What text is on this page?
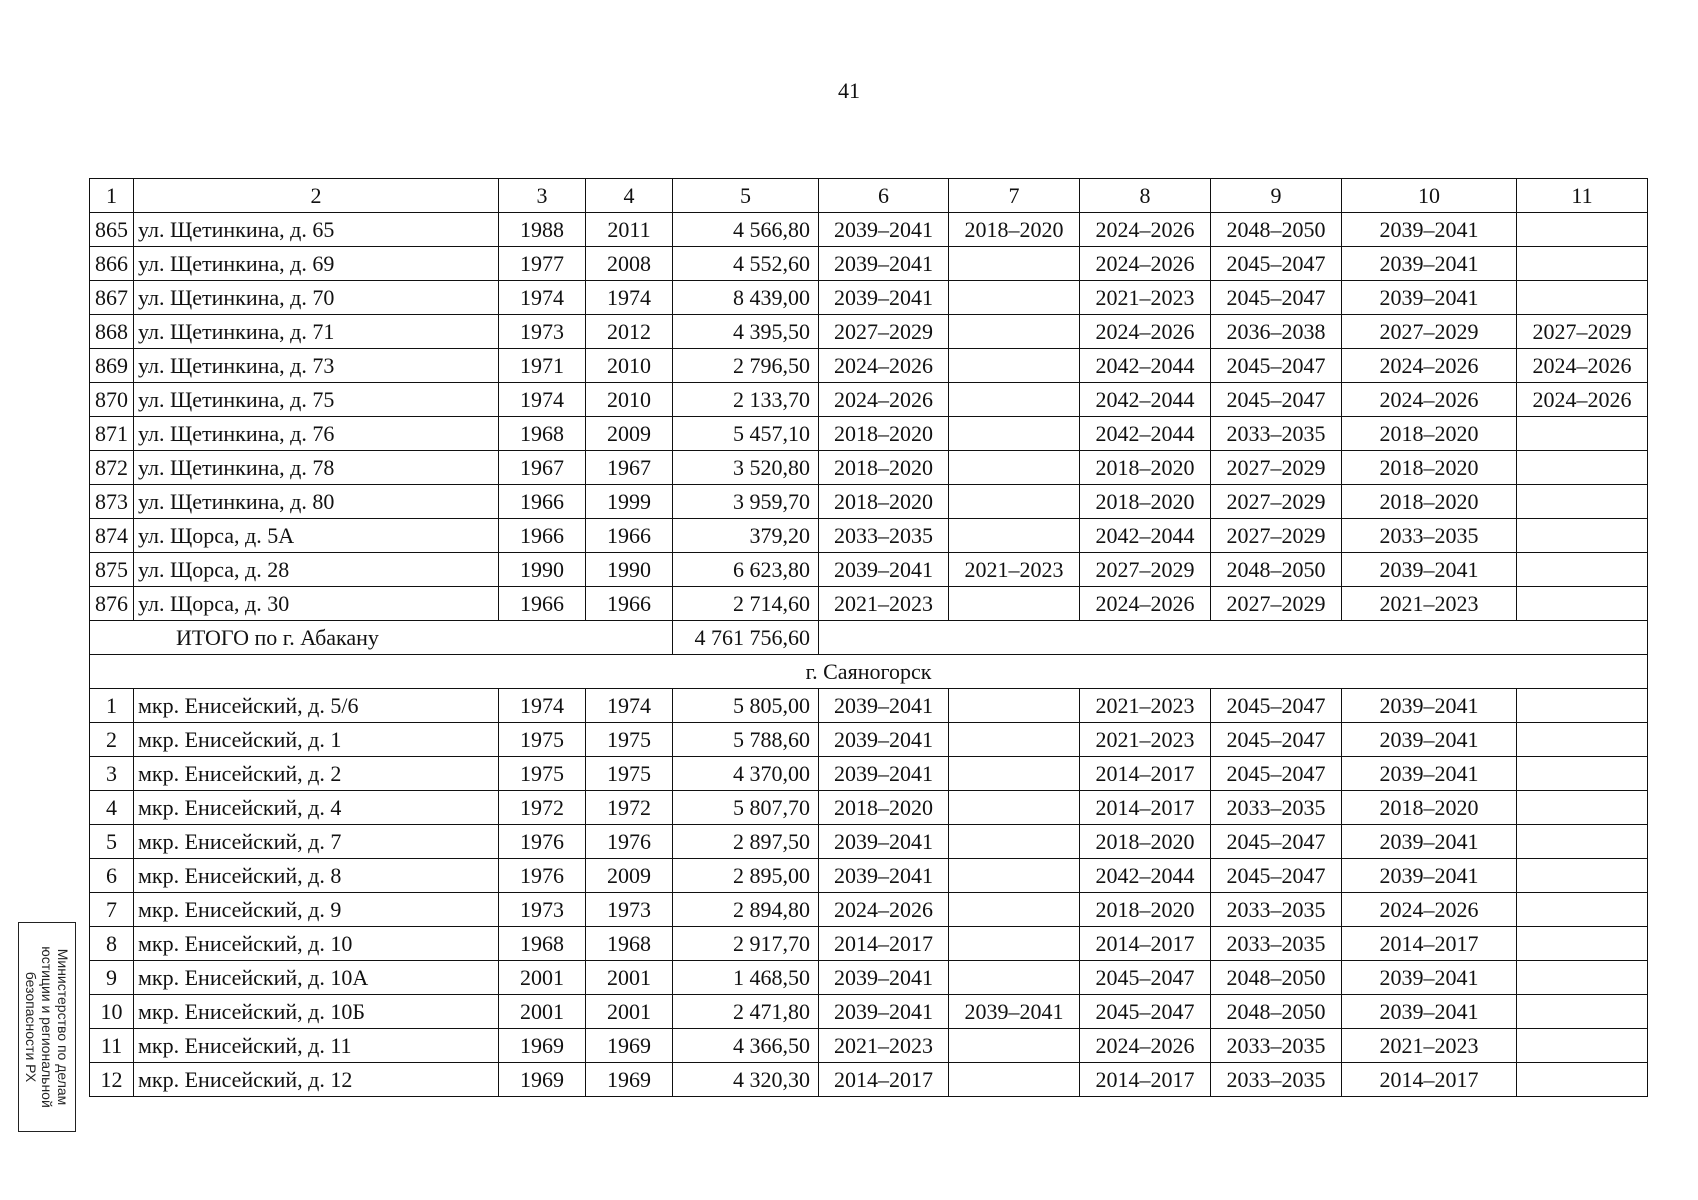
41
1	2	3	4	5	6	7	8	9	10	11
865	ул. Щетинкина, д. 65	1988	2011	4 566,80	2039–2041	2018–2020	2024–2026	2048–2050	2039–2041	
866	ул. Щетинкина, д. 69	1977	2008	4 552,60	2039–2041		2024–2026	2045–2047	2039–2041	
867	ул. Щетинкина, д. 70	1974	1974	8 439,00	2039–2041		2021–2023	2045–2047	2039–2041	
868	ул. Щетинкина, д. 71	1973	2012	4 395,50	2027–2029		2024–2026	2036–2038	2027–2029	2027–2029
869	ул. Щетинкина, д. 73	1971	2010	2 796,50	2024–2026		2042–2044	2045–2047	2024–2026	2024–2026
870	ул. Щетинкина, д. 75	1974	2010	2 133,70	2024–2026		2042–2044	2045–2047	2024–2026	2024–2026
871	ул. Щетинкина, д. 76	1968	2009	5 457,10	2018–2020		2042–2044	2033–2035	2018–2020	
872	ул. Щетинкина, д. 78	1967	1967	3 520,80	2018–2020		2018–2020	2027–2029	2018–2020	
873	ул. Щетинкина, д. 80	1966	1999	3 959,70	2018–2020		2018–2020	2027–2029	2018–2020	
874	ул. Щорса, д. 5А	1966	1966	379,20	2033–2035		2042–2044	2027–2029	2033–2035	
875	ул. Щорса, д. 28	1990	1990	6 623,80	2039–2041	2021–2023	2027–2029	2048–2050	2039–2041	
876	ул. Щорса, д. 30	1966	1966	2 714,60	2021–2023		2024–2026	2027–2029	2021–2023	
ИТОГО по г. Абакану				4 761 756,60						
г. Саяногорск										
1	мкр. Енисейский, д. 5/6	1974	1974	5 805,00	2039–2041		2021–2023	2045–2047	2039–2041	
2	мкр. Енисейский, д. 1	1975	1975	5 788,60	2039–2041		2021–2023	2045–2047	2039–2041	
3	мкр. Енисейский, д. 2	1975	1975	4 370,00	2039–2041		2014–2017	2045–2047	2039–2041	
4	мкр. Енисейский, д. 4	1972	1972	5 807,70	2018–2020		2014–2017	2033–2035	2018–2020	
5	мкр. Енисейский, д. 7	1976	1976	2 897,50	2039–2041		2018–2020	2045–2047	2039–2041	
6	мкр. Енисейский, д. 8	1976	2009	2 895,00	2039–2041		2042–2044	2045–2047	2039–2041	
7	мкр. Енисейский, д. 9	1973	1973	2 894,80	2024–2026		2018–2020	2033–2035	2024–2026	
8	мкр. Енисейский, д. 10	1968	1968	2 917,70	2014–2017		2014–2017	2033–2035	2014–2017	
9	мкр. Енисейский, д. 10А	2001	2001	1 468,50	2039–2041		2045–2047	2048–2050	2039–2041	
10	мкр. Енисейский, д. 10Б	2001	2001	2 471,80	2039–2041	2039–2041	2045–2047	2048–2050	2039–2041	
11	мкр. Енисейский, д. 11	1969	1969	4 366,50	2021–2023		2024–2026	2033–2035	2021–2023	
12	мкр. Енисейский, д. 12	1969	1969	4 320,30	2014–2017		2014–2017	2033–2035	2014–2017	
Министерство по делам
юстиции и региональной
безопасности РХ
